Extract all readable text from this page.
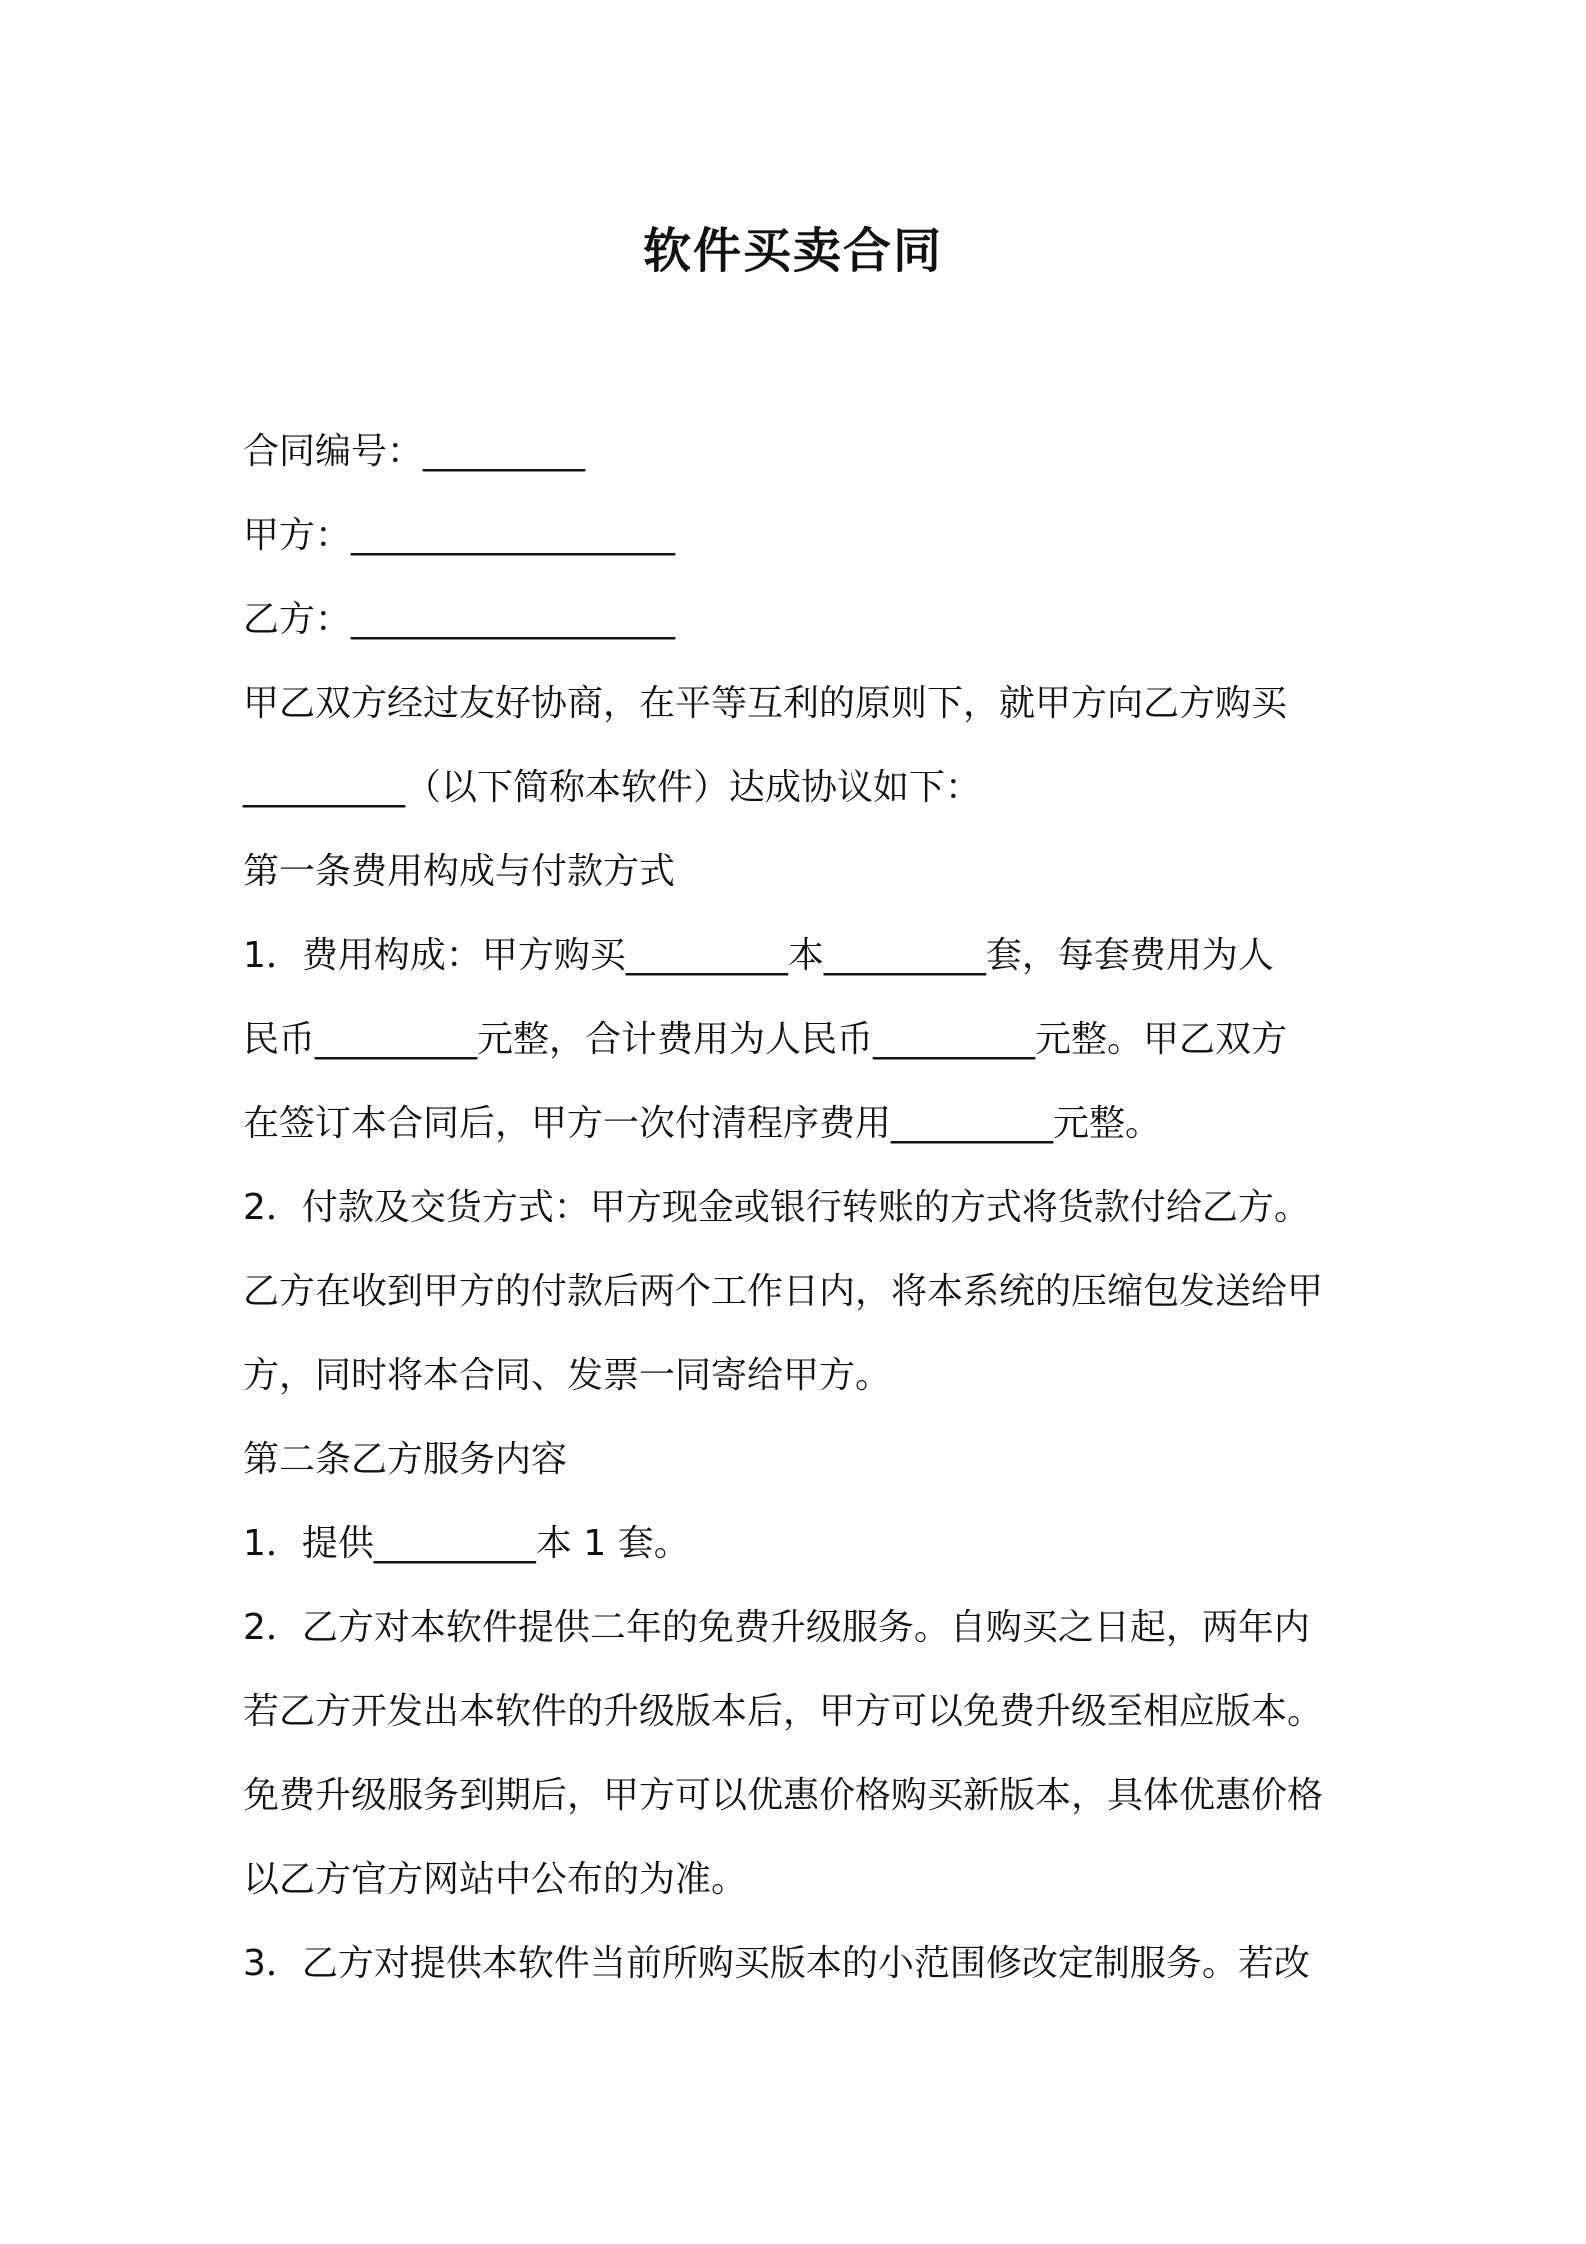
软件买卖合同
合同编号：_________
甲方：__________________
乙方：__________________
甲乙双方经过友好协商，在平等互利的原则下，就甲方向乙方购买
_________（以下简称本软件）达成协议如下：
第一条费用构成与付款方式
1．费用构成：甲方购买_________本_________套，每套费用为人
民币_________元整，合计费用为人民币_________元整。甲乙双方
在签订本合同后，甲方一次付清程序费用_________元整。
2．付款及交货方式：甲方现金或银行转账的方式将货款付给乙方。
乙方在收到甲方的付款后两个工作日内，将本系统的压缩包发送给甲
方，同时将本合同、发票一同寄给甲方。
第二条乙方服务内容
1．提供_________本 1 套。
2．乙方对本软件提供二年的免费升级服务。自购买之日起，两年内
若乙方开发出本软件的升级版本后，甲方可以免费升级至相应版本。
免费升级服务到期后，甲方可以优惠价格购买新版本，具体优惠价格
以乙方官方网站中公布的为准。
3．乙方对提供本软件当前所购买版本的小范围修改定制服务。若改
